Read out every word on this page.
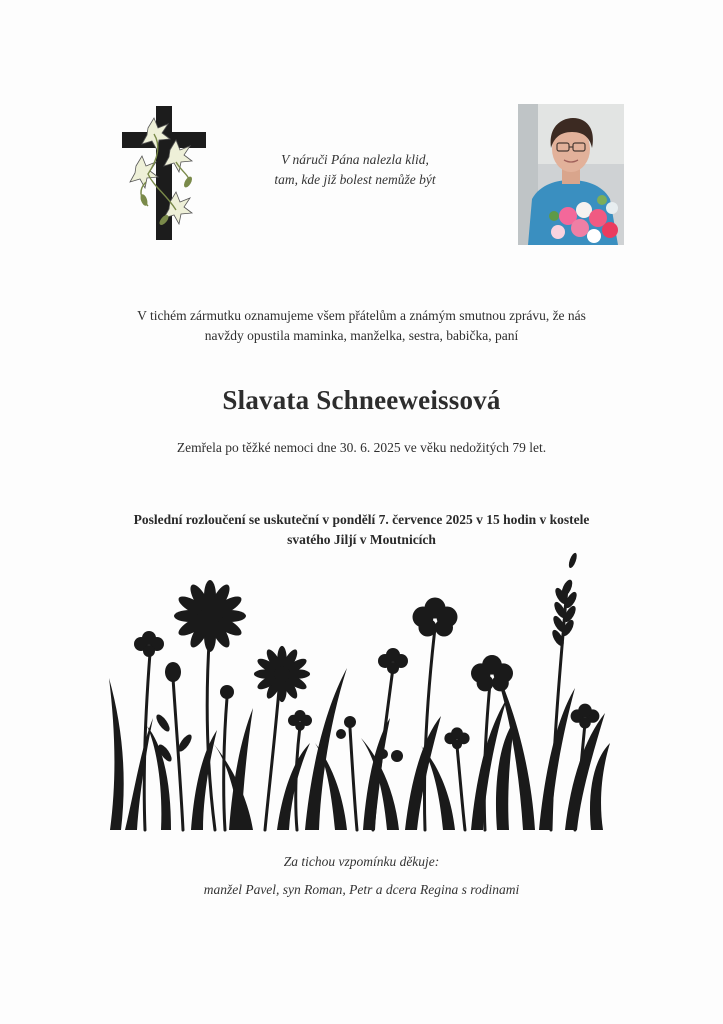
V náruči Pána nalezla klid,
tam, kde již bolest nemůže být
V tichém zármutku oznamujeme všem přátelům a známým smutnou zprávu, že nás
navždy opustila maminka, manželka, sestra, babička, paní
Slavata Schneeweissová
Zemřela po těžké nemoci dne 30. 6. 2025 ve věku nedožitých 79 let.
Poslední rozloučení se uskuteční v pondělí 7. července 2025 v 15 hodin v kostele
svatého Jiljí v Moutnicích
Za tichou vzpomínku děkuje:
manžel Pavel, syn Roman, Petr a dcera Regina s rodinami
